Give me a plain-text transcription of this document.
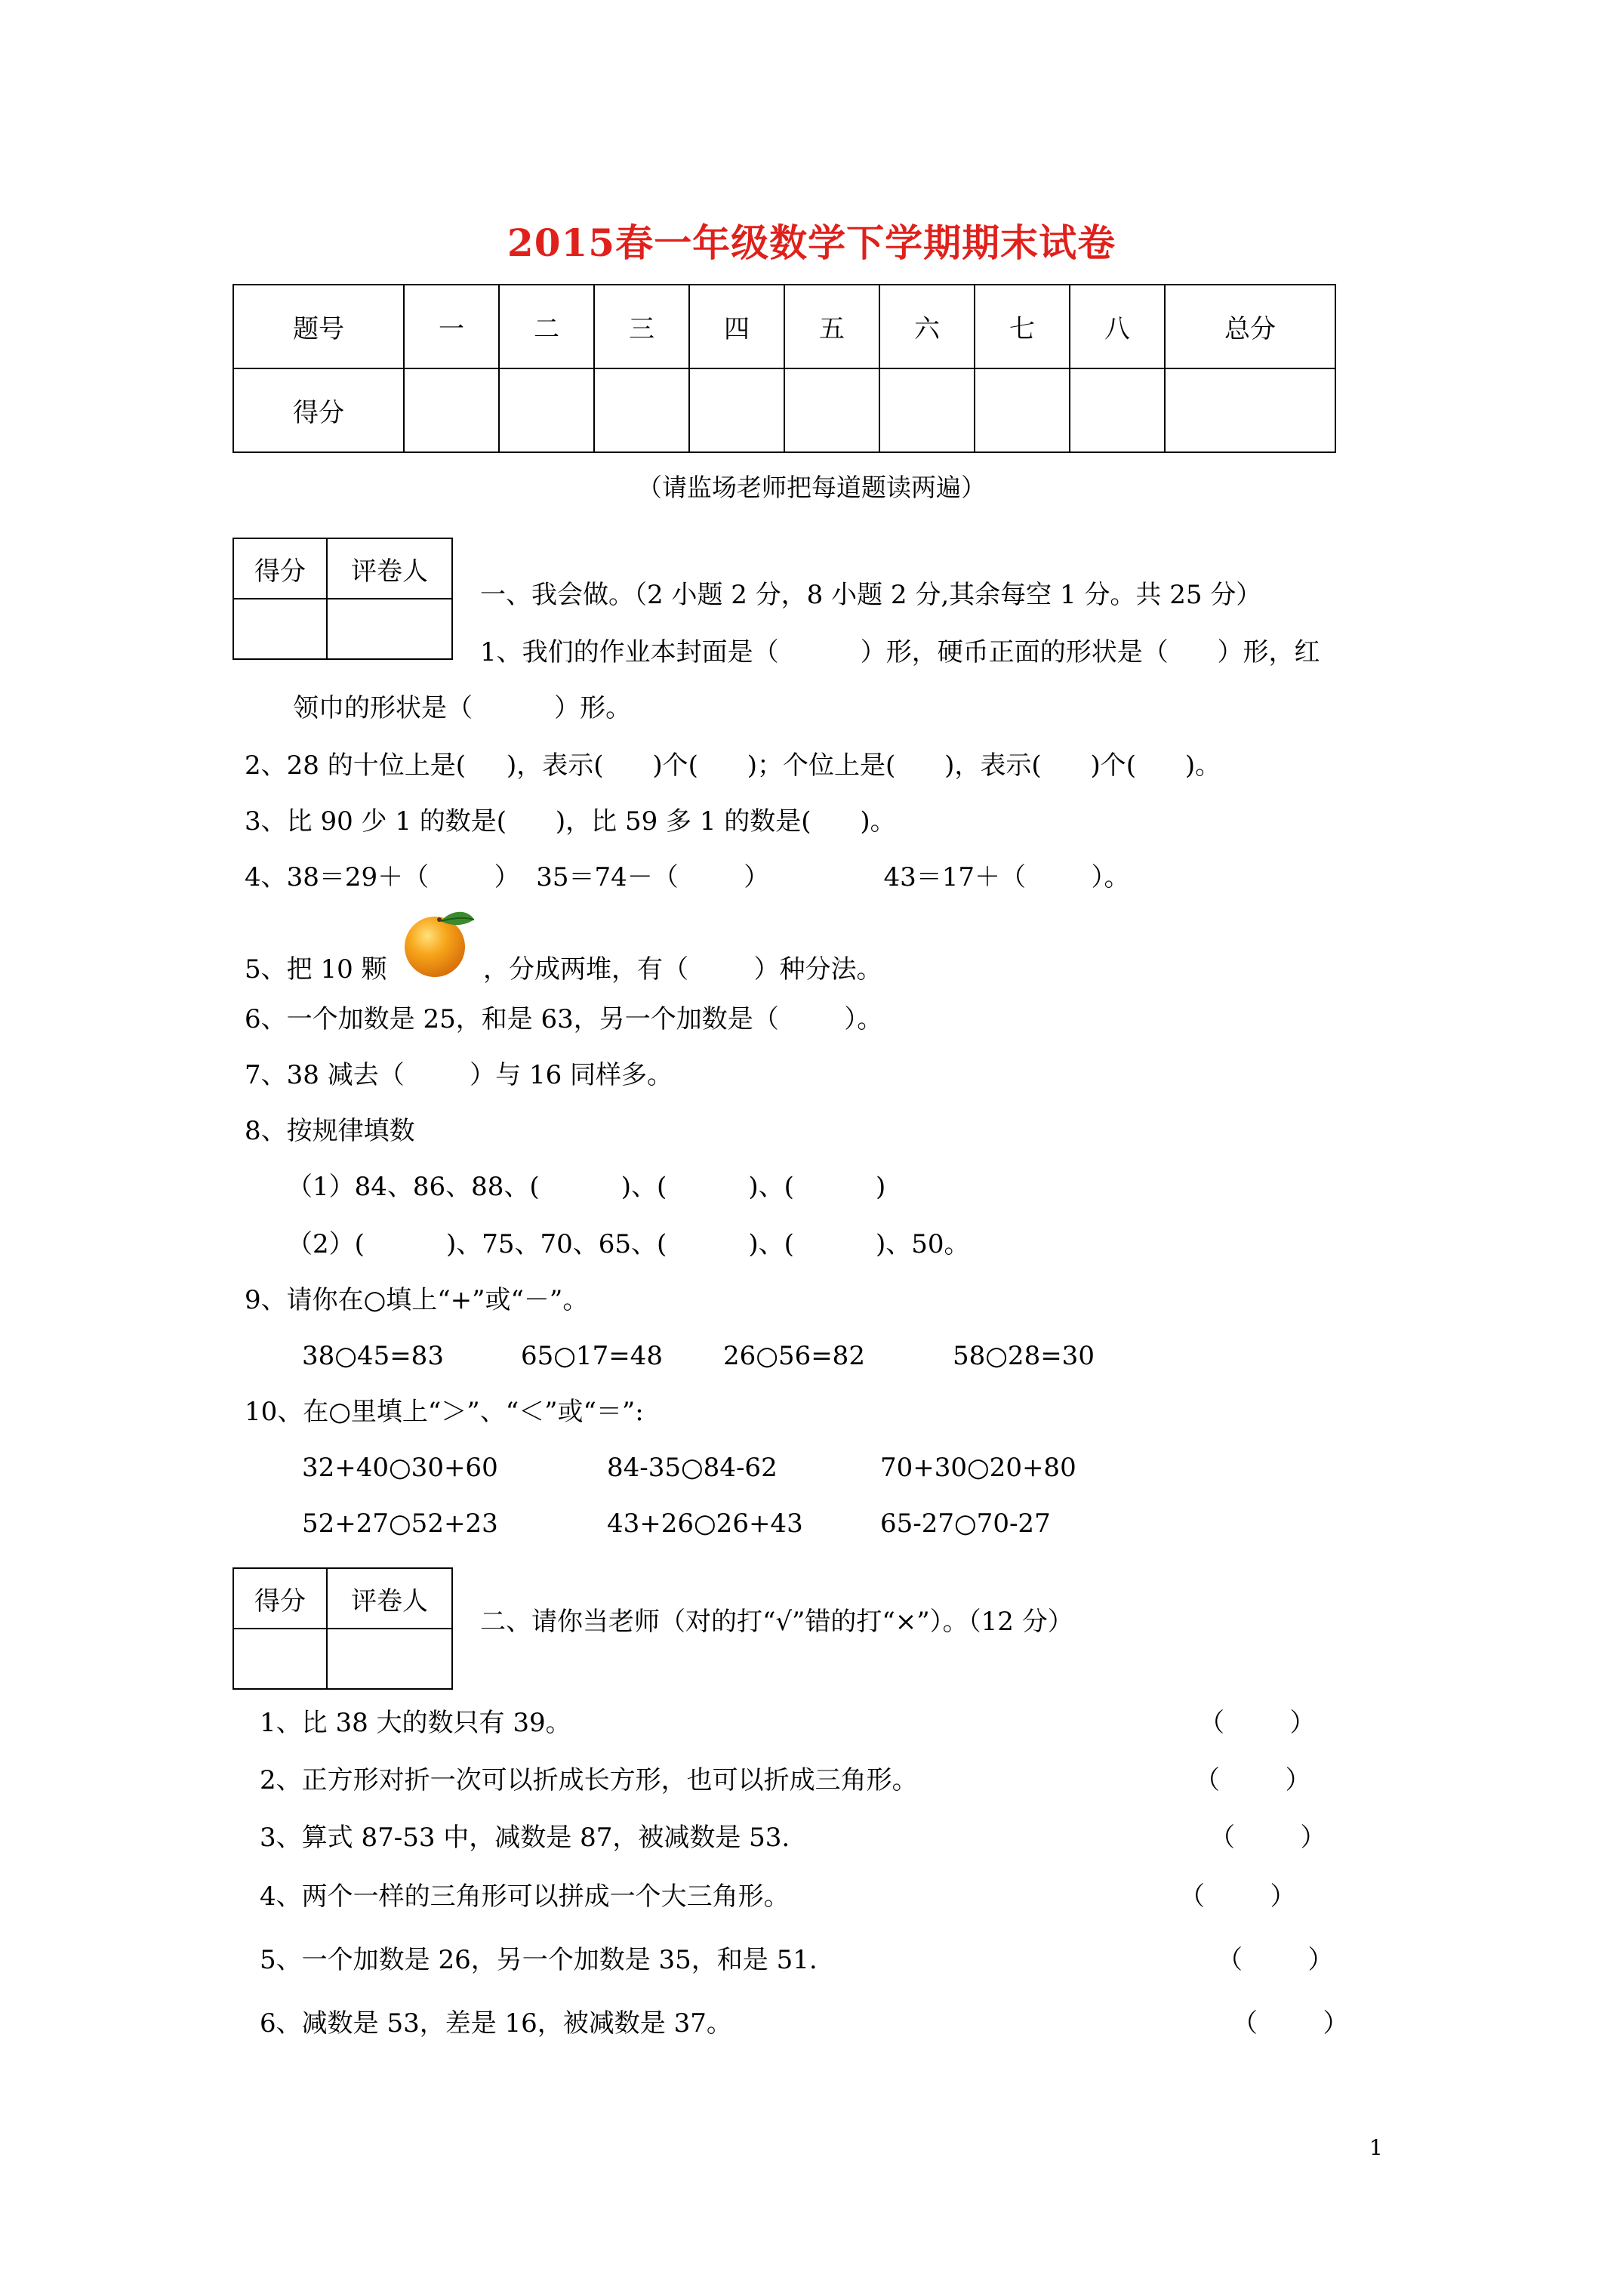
2015春一年级数学下学期期末试卷
题号	一	二	三	四	五	六	七	八	总分
得分									
（请监场老师把每道题读两遍）
得分	评卷人

一、我会做。（2 小题 2 分，8 小题 2 分,其余每空 1 分。共 25 分）
1、我们的作业本封面是（          ）形，硬币正面的形状是（      ）形，红
领巾的形状是（          ）形。
2、28 的十位上是(     )，表示(      )个(      )；个位上是(      )，表示(      )个(      )。
3、比 90 少 1 的数是(      )，比 59 多 1 的数是(      )。
4、38＝29＋（        ）  35＝74－（        ）              43＝17＋（        ）。
5、把 10 颗	，分成两堆，有（        ）种分法。
6、一个加数是 25，和是 63，另一个加数是（        ）。
7、38 减去（        ）与 16 同样多。
8、按规律填数
（1）84、86、88、(          )、(          )、(          )
（2）(          )、75、70、65、(          )、(          )、50。
9、请你在○填上“+”或“－”。
38○45=83	65○17=48 26○56=82	58○28=30
10、在○里填上“＞”、“＜”或“＝”:
32+40○30+60	84-35○84-62	70+30○20+80
52+27○52+23	43+26○26+43	65-27○70-27
得分	评卷人

二、请你当老师（对的打“√”错的打“×”）。（12 分）
1、比 38 大的数只有 39。	（        ）
2、正方形对折一次可以折成长方形，也可以折成三角形。	（        ）
3、算式 87-53 中，减数是 87，被减数是 53.	（        ）
4、两个一样的三角形可以拼成一个大三角形。	（        ）
5、一个加数是 26，另一个加数是 35，和是 51.	（        ）
6、减数是 53，差是 16，被减数是 37。	（        ）
1
